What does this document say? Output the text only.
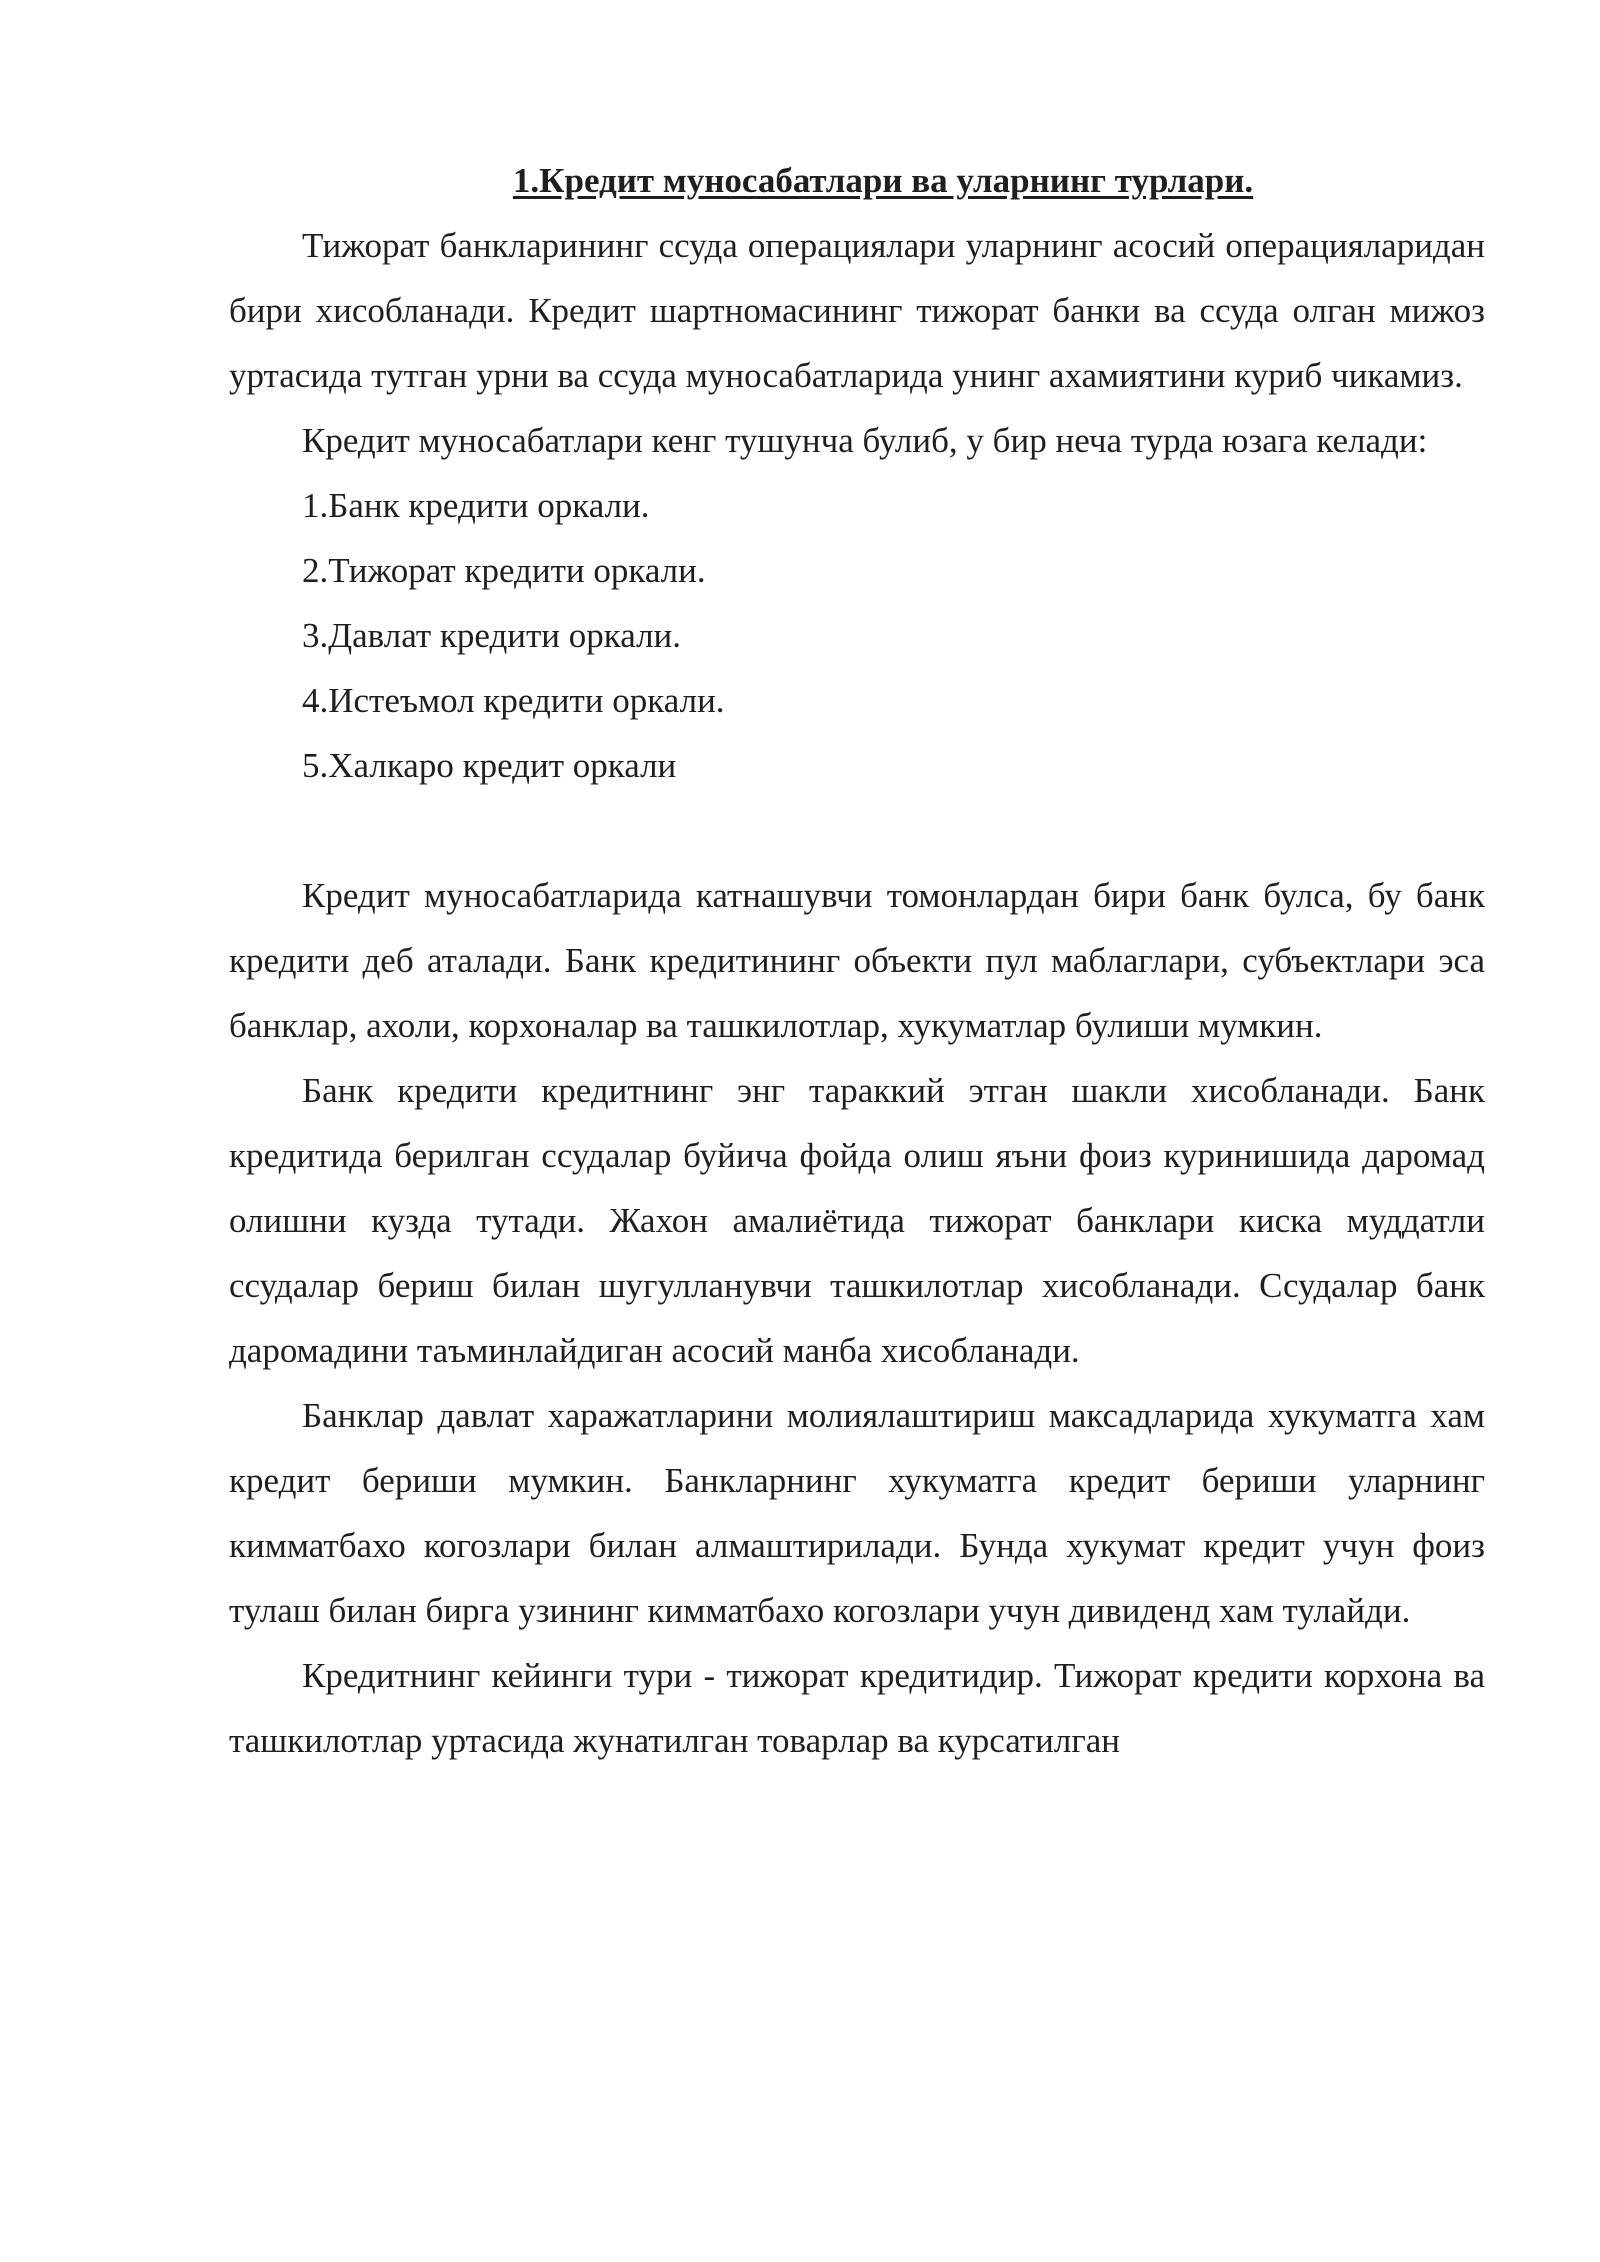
1.Кредит муносабатлари ва уларнинг турлари.

Тижорат банкларининг ссуда операциялари уларнинг асосий операцияларидан бири хисобланади. Кредит шартномасининг тижорат банки ва ссуда олган мижоз уртасида тутган урни ва ссуда муносабатларида унинг ахамиятини куриб чикамиз.

Кредит муносабатлари кенг тушунча булиб, у бир неча турда юзага келади:

1.Банк кредити оркали.

2.Тижорат кредити оркали.

3.Давлат кредити оркали.

4.Истеъмол кредити оркали.

5.Халкаро кредит оркали

Кредит муносабатларида катнашувчи томонлардан бири банк булса, бу банк кредити деб аталади. Банк кредитининг объекти пул маблаглари, субъектлари эса банклар, ахоли, корхоналар ва ташкилотлар, хукуматлар булиши мумкин.

Банк кредити кредитнинг энг тараккий этган шакли хисобланади. Банк кредитида берилган ссудалар буйича фойда олиш яъни фоиз куринишида даромад олишни кузда тутади. Жахон амалиётида тижорат банклари киска муддатли ссудалар бериш билан шугулланувчи ташкилотлар хисобланади. Ссудалар банк даромадини таъминлайдиган асосий манба хисобланади.

Банклар давлат харажатларини молиялаштириш максадларида хукуматга хам кредит бериши мумкин. Банкларнинг хукуматга кредит бериши уларнинг кимматбахо когозлари билан алмаштирилади. Бунда хукумат кредит учун фоиз тулаш билан бирга узининг кимматбахо когозлари учун дивиденд хам тулайди.

Кредитнинг кейинги тури - тижорат кредитидир. Тижорат кредити корхона ва ташкилотлар уртасида жунатилган товарлар ва курсатилган
